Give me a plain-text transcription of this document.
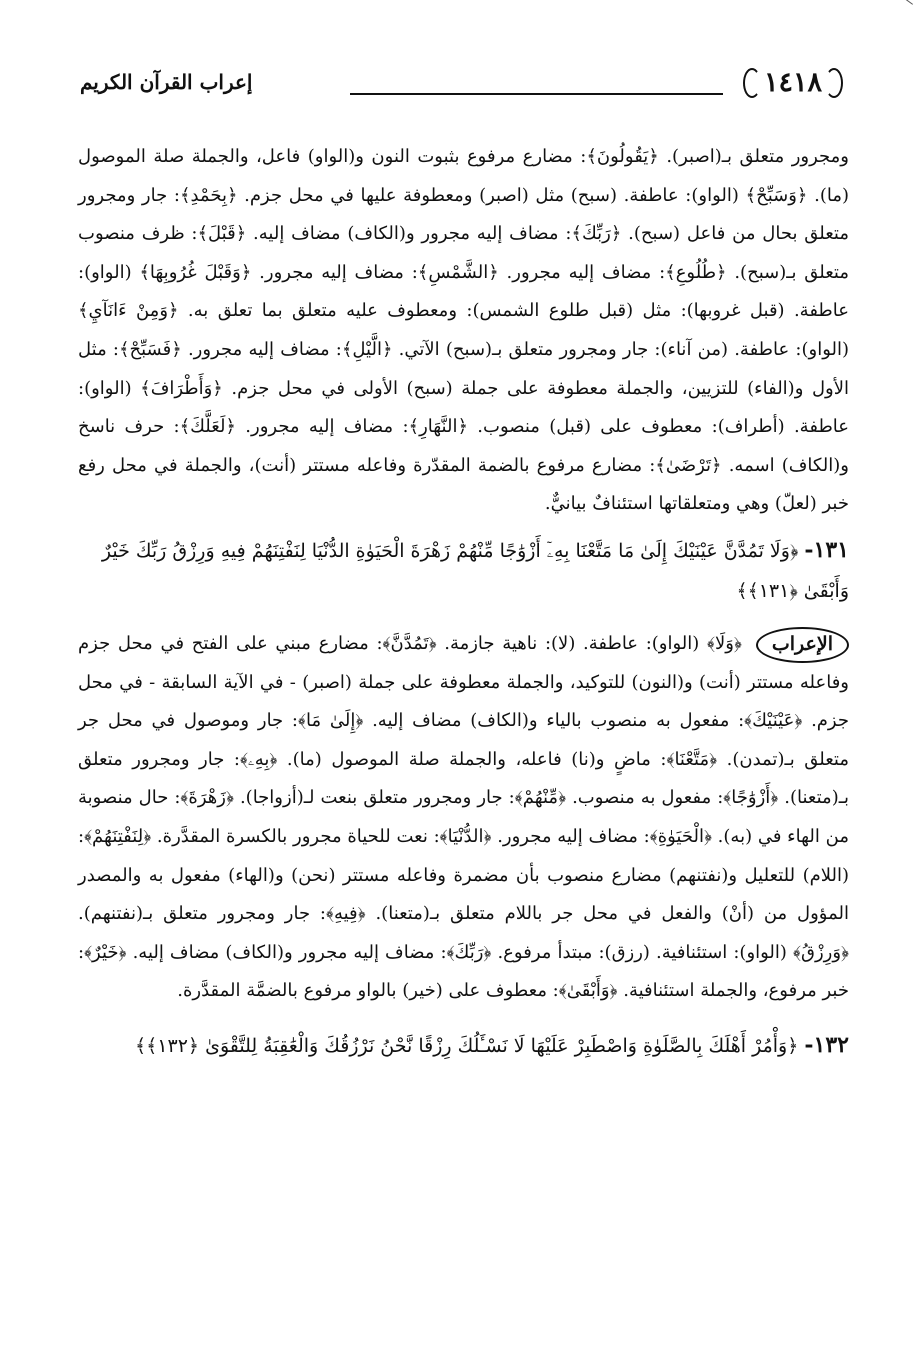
١٤١٨
إعراب القرآن الكريم

ومجرور متعلق بـ(اصبر). ﴿يَقُولُونَ﴾: مضارع مرفوع بثبوت النون و(الواو) فاعل، والجملة صلة الموصول (ما). ﴿وَسَبِّحْ﴾ (الواو): عاطفة. (سبح) مثل (اصبر) ومعطوفة عليها في محل جزم. ﴿بِحَمْدِ﴾: جار ومجرور متعلق بحال من فاعل (سبح). ﴿رَبِّكَ﴾: مضاف إليه مجرور و(الكاف) مضاف إليه. ﴿قَبْلَ﴾: ظرف منصوب متعلق بـ(سبح). ﴿طُلُوعِ﴾: مضاف إليه مجرور. ﴿الشَّمْسِ﴾: مضاف إليه مجرور. ﴿وَقَبْلَ غُرُوبِهَا﴾ (الواو): عاطفة. (قبل غروبها): مثل (قبل طلوع الشمس): ومعطوف عليه متعلق بما تعلق به. ﴿وَمِنْ ءَانَآيِ﴾ (الواو): عاطفة. (من آناء): جار ومجرور متعلق بـ(سبح) الآتي. ﴿الَّيْلِ﴾: مضاف إليه مجرور. ﴿فَسَبِّحْ﴾: مثل الأول و(الفاء) للتزيين، والجملة معطوفة على جملة (سبح) الأولى في محل جزم. ﴿وَأَطْرَافَ﴾ (الواو): عاطفة. (أطراف): معطوف على (قبل) منصوب. ﴿النَّهَارِ﴾: مضاف إليه مجرور. ﴿لَعَلَّكَ﴾: حرف ناسخ و(الكاف) اسمه. ﴿تَرْضَىٰ﴾: مضارع مرفوع بالضمة المقدّرة وفاعله مستتر (أنت)، والجملة في محل رفع خبر (لعلّ) وهي ومتعلقاتها استئنافٌ بيانيٌّ.

١٣١- ﴿وَلَا تَمُدَّنَّ عَيْنَيْكَ إِلَىٰ مَا مَتَّعْنَا بِهِۦٓ أَزْوَٰجًا مِّنْهُمْ زَهْرَةَ الْحَيَوٰةِ الدُّنْيَا لِنَفْتِنَهُمْ فِيهِ وَرِزْقُ رَبِّكَ خَيْرٌ وَأَبْقَىٰ ﴿١٣١﴾﴾

الإعراب
﴿وَلَا﴾ (الواو): عاطفة. (لا): ناهية جازمة. ﴿تَمُدَّنَّ﴾: مضارع مبني على الفتح في محل جزم وفاعله مستتر (أنت) و(النون) للتوكيد، والجملة معطوفة على جملة (اصبر) - في الآية السابقة - في محل جزم. ﴿عَيْنَيْكَ﴾: مفعول به منصوب بالياء و(الكاف) مضاف إليه. ﴿إِلَىٰ مَا﴾: جار وموصول في محل جر متعلق بـ(تمدن). ﴿مَتَّعْنَا﴾: ماضٍ و(نا) فاعله، والجملة صلة الموصول (ما). ﴿بِهِۦ﴾: جار ومجرور متعلق بـ(متعنا). ﴿أَزْوَٰجًا﴾: مفعول به منصوب. ﴿مِّنْهُمْ﴾: جار ومجرور متعلق بنعت لـ(أزواجا). ﴿زَهْرَةَ﴾: حال منصوبة من الهاء في (به). ﴿الْحَيَوٰةِ﴾: مضاف إليه مجرور. ﴿الدُّنْيَا﴾: نعت للحياة مجرور بالكسرة المقدَّرة. ﴿لِنَفْتِنَهُمْ﴾: (اللام) للتعليل و(نفتنهم) مضارع منصوب بأن مضمرة وفاعله مستتر (نحن) و(الهاء) مفعول به والمصدر المؤول من (أنْ) والفعل في محل جر باللام متعلق بـ(متعنا). ﴿فِيهِ﴾: جار ومجرور متعلق بـ(نفتنهم). ﴿وَرِزْقُ﴾ (الواو): استئنافية. (رزق): مبتدأ مرفوع. ﴿رَبِّكَ﴾: مضاف إليه مجرور و(الكاف) مضاف إليه. ﴿خَيْرٌ﴾: خبر مرفوع، والجملة استئنافية. ﴿وَأَبْقَىٰ﴾: معطوف على (خير) بالواو مرفوع بالضمَّة المقدَّرة.

١٣٢- ﴿وَأْمُرْ أَهْلَكَ بِالصَّلَوٰةِ وَاصْطَبِرْ عَلَيْهَا لَا نَسْـَٔلُكَ رِزْقًا نَّحْنُ نَرْزُقُكَ وَالْعَٰقِبَةُ لِلتَّقْوَىٰ ﴿١٣٢﴾﴾
